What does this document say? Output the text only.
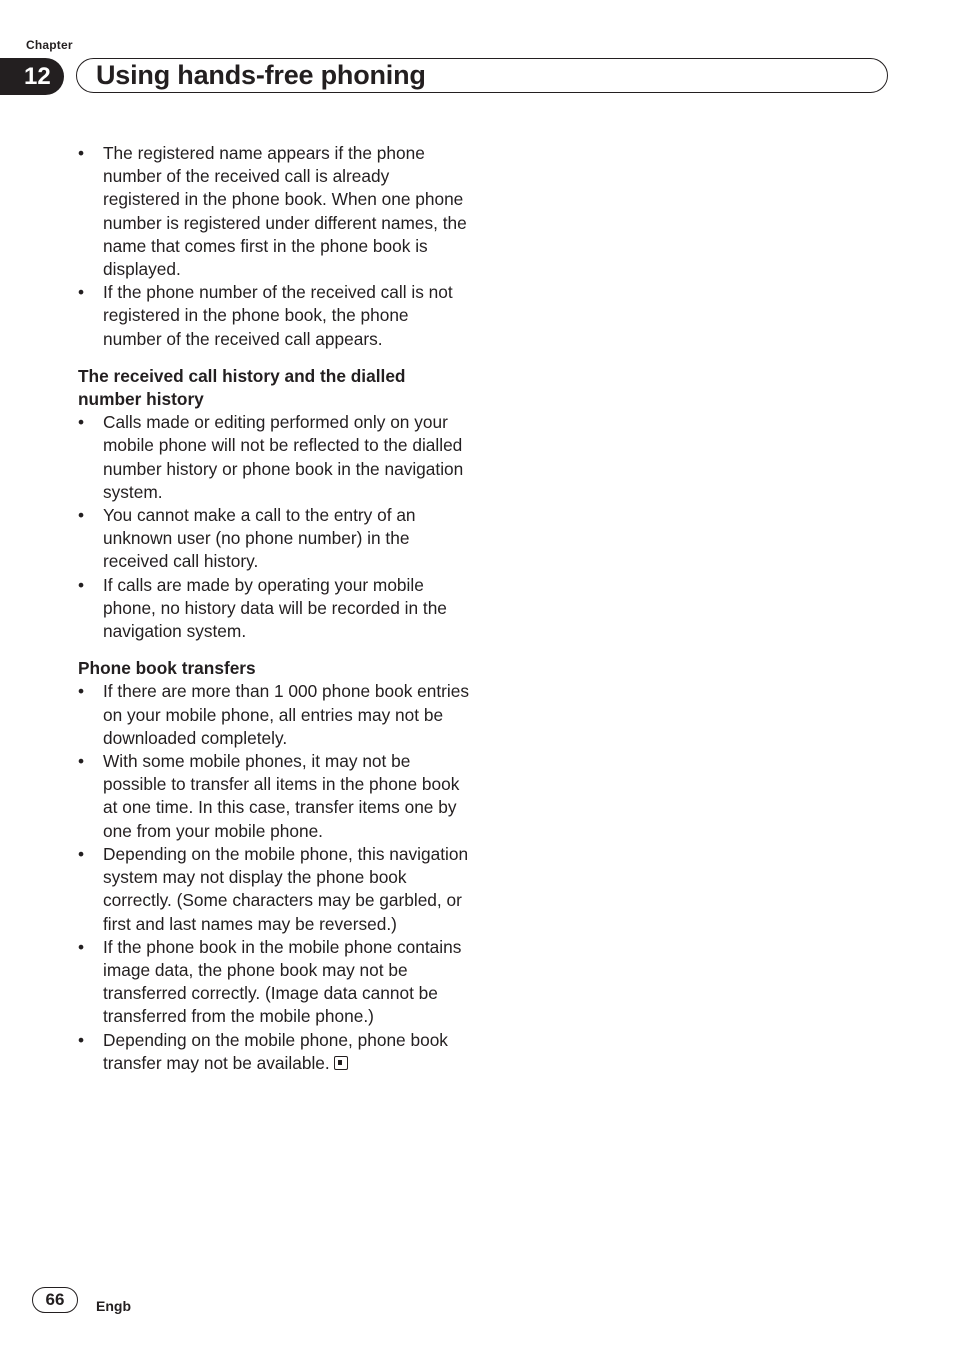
Chapter
12	Using hands-free phoning
• The registered name appears if the phone number of the received call is already registered in the phone book. When one phone number is registered under different names, the name that comes first in the phone book is displayed.
• If the phone number of the received call is not registered in the phone book, the phone number of the received call appears.
The received call history and the dialled number history
• Calls made or editing performed only on your mobile phone will not be reflected to the dialled number history or phone book in the navigation system.
• You cannot make a call to the entry of an unknown user (no phone number) in the received call history.
• If calls are made by operating your mobile phone, no history data will be recorded in the navigation system.
Phone book transfers
• If there are more than 1 000 phone book entries on your mobile phone, all entries may not be downloaded completely.
• With some mobile phones, it may not be possible to transfer all items in the phone book at one time. In this case, transfer items one by one from your mobile phone.
• Depending on the mobile phone, this navigation system may not display the phone book correctly. (Some characters may be garbled, or first and last names may be reversed.)
• If the phone book in the mobile phone contains image data, the phone book may not be transferred correctly. (Image data cannot be transferred from the mobile phone.)
• Depending on the mobile phone, phone book transfer may not be available.
66	Engb
